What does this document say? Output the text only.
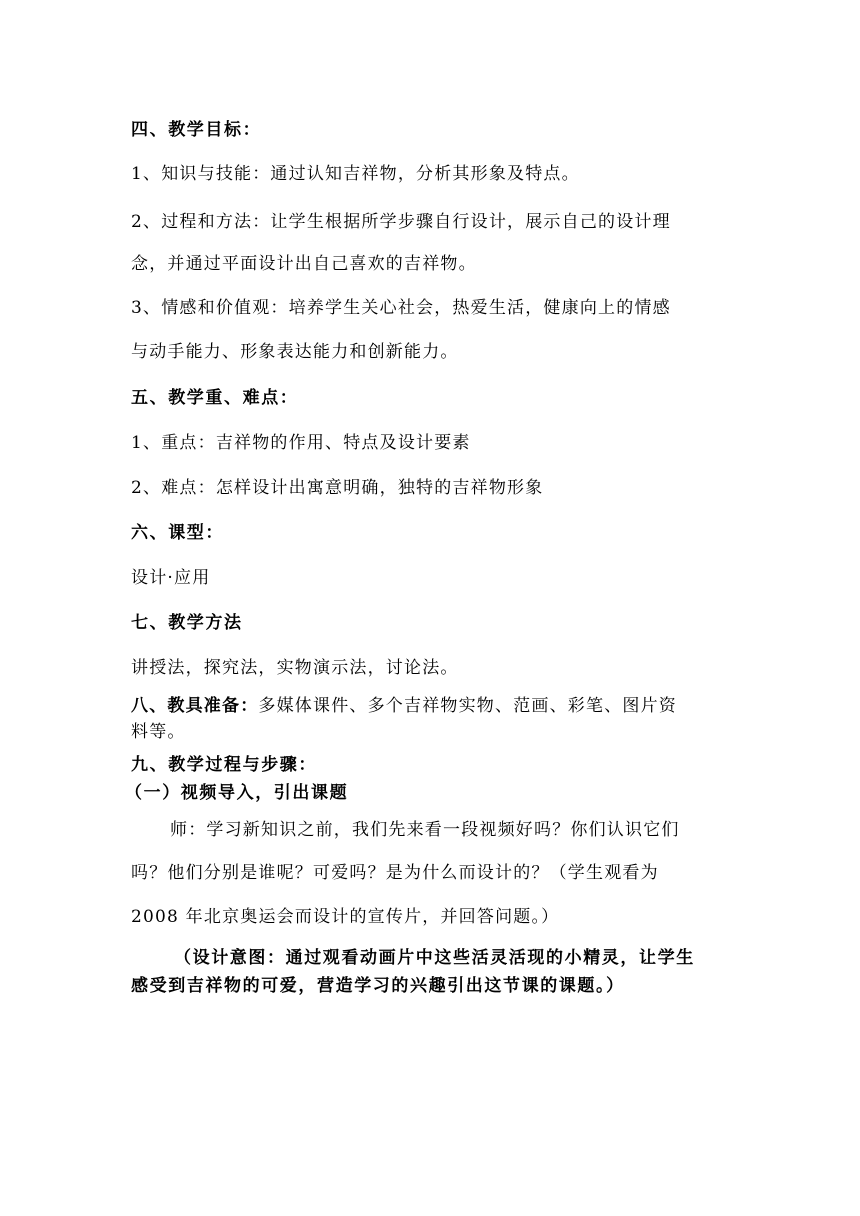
四、教学目标：

1、知识与技能：通过认知吉祥物，分析其形象及特点。

2、过程和方法：让学生根据所学步骤自行设计，展示自己的设计理

念，并通过平面设计出自己喜欢的吉祥物。

3、情感和价值观：培养学生关心社会，热爱生活，健康向上的情感

与动手能力、形象表达能力和创新能力。

五、教学重、难点：

1、重点：吉祥物的作用、特点及设计要素

2、难点：怎样设计出寓意明确，独特的吉祥物形象

六、课型：

设计·应用

七、教学方法

讲授法，探究法，实物演示法，讨论法。

八、教具准备：多媒体课件、多个吉祥物实物、范画、彩笔、图片资

料等。

九、教学过程与步骤：

（一）视频导入，引出课题

师：学习新知识之前，我们先来看一段视频好吗？你们认识它们

吗？他们分别是谁呢？可爱吗？是为什么而设计的？（学生观看为

2008 年北京奥运会而设计的宣传片，并回答问题。）

（设计意图：通过观看动画片中这些活灵活现的小精灵，让学生

感受到吉祥物的可爱，营造学习的兴趣引出这节课的课题。）
